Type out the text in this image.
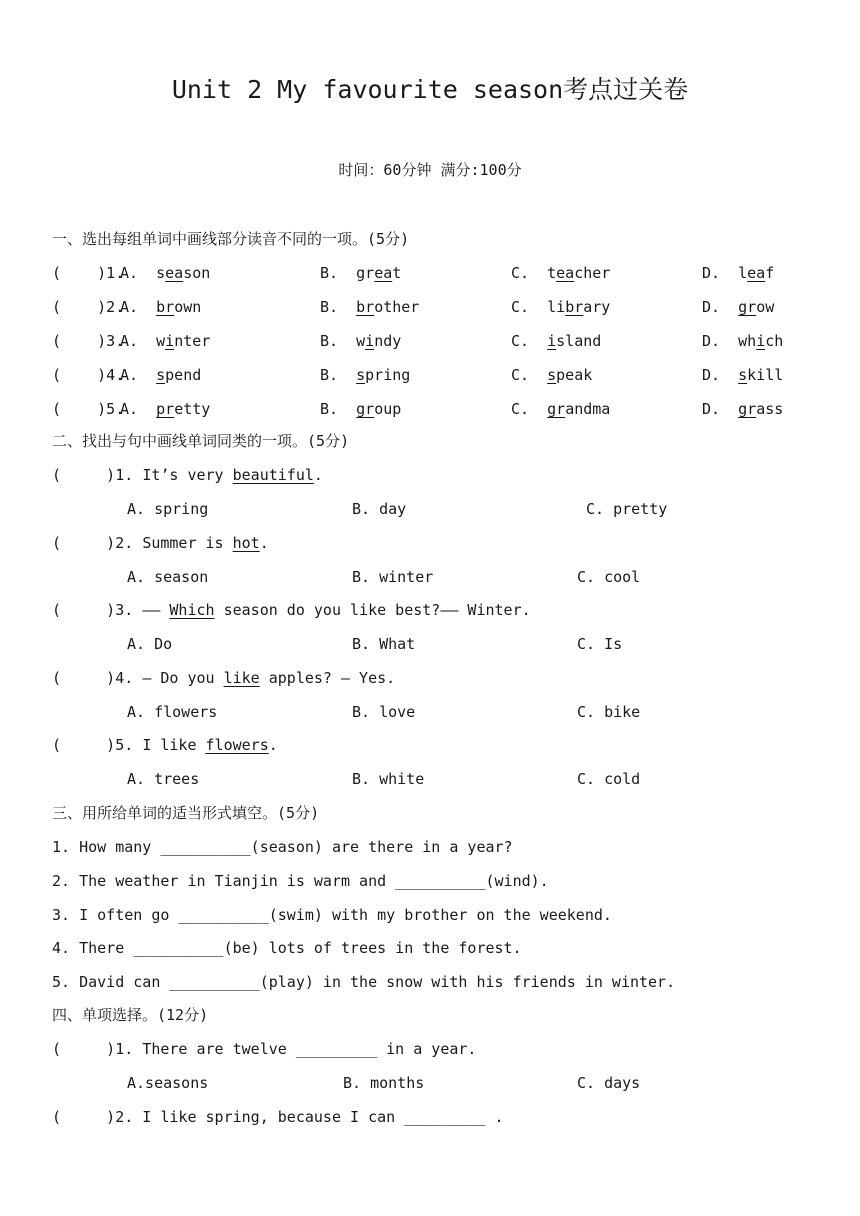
Unit 2 My favourite season考点过关卷
时间：60分钟 满分:100分
一、选出每组单词中画线部分读音不同的一项。(5分)
(    )1.
A.  season	B.  great	C.  teacher	D.  leaf
(    )2.
A.  brown	B.  brother	C.  library	D.  grow
(    )3.
A.  winter	B.  windy	C.  island	D.  which
(    )4.
A.  spend	B.  spring	C.  speak	D.  skill
(    )5.
A.  pretty	B.  group	C.  grandma	D.  grass
二、找出与句中画线单词同类的一项。(5分)
(     )1. It’s very beautiful.
A. spring	B. day	C. pretty
(     )2. Summer is hot.
A. season	B. winter	C. cool
(     )3. —— Which season do you like best?—— Winter.
A. Do	B. What	C. Is
(     )4. — Do you like apples? — Yes.
A. flowers	B. love	C. bike
(     )5. I like flowers.
A. trees	B. white	C. cold
三、用所给单词的适当形式填空。(5分)
1. How many __________(season) are there in a year?
2. The weather in Tianjin is warm and __________(wind).
3. I often go __________(swim) with my brother on the weekend.
4. There __________(be) lots of trees in the forest.
5. David can __________(play) in the snow with his friends in winter.
四、单项选择。(12分)
(     )1. There are twelve _________ in a year.
A.seasons	B. months	C. days
(     )2. I like spring, because I can _________ .
